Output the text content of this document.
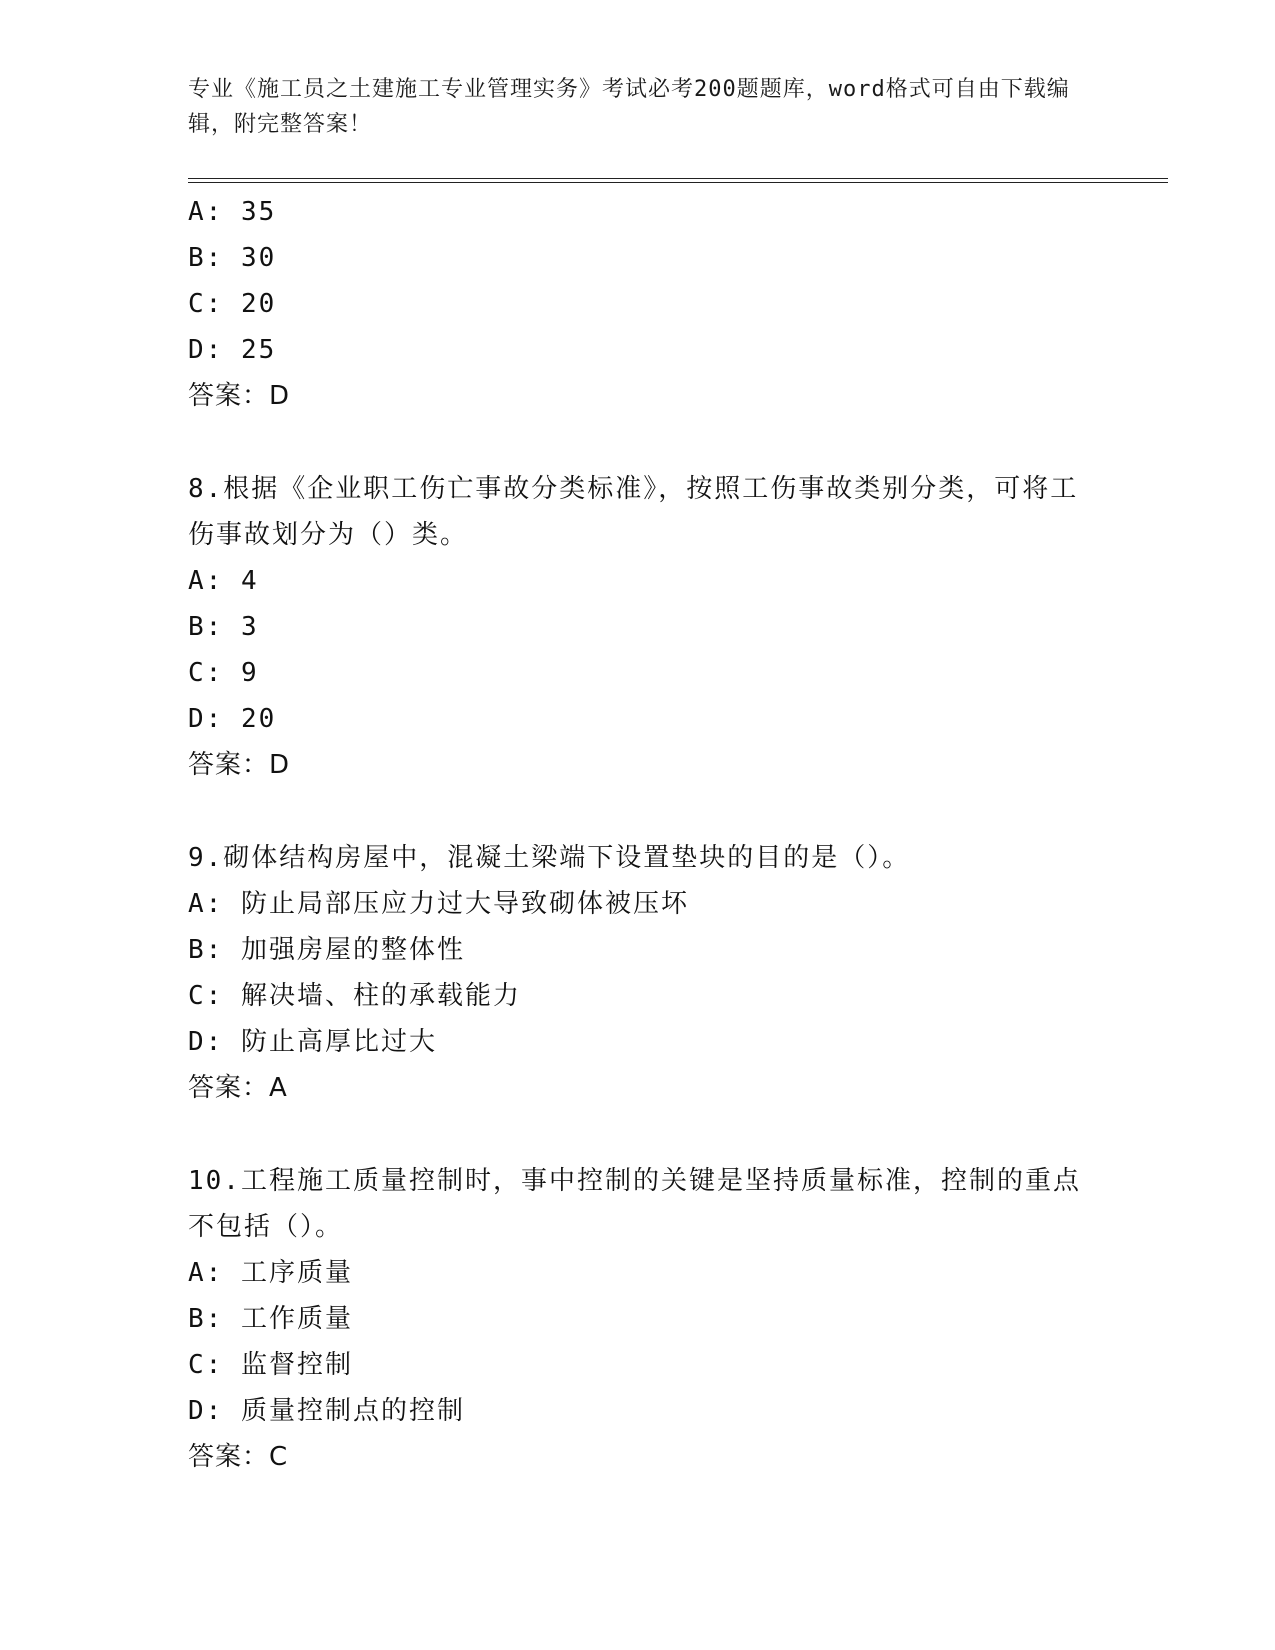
专业《施工员之土建施工专业管理实务》考试必考200题题库，word格式可自由下载编辑，附完整答案！
A: 35
B: 30
C: 20
D: 25
答案：D
8.根据《企业职工伤亡事故分类标准》，按照工伤事故类别分类，可将工伤事故划分为（）类。
A: 4
B: 3
C: 9
D: 20
答案：D
9.砌体结构房屋中，混凝土梁端下设置垫块的目的是（）。
A: 防止局部压应力过大导致砌体被压坏
B: 加强房屋的整体性
C: 解决墙、柱的承载能力
D: 防止高厚比过大
答案：A
10.工程施工质量控制时，事中控制的关键是坚持质量标准，控制的重点不包括（）。
A: 工序质量
B: 工作质量
C: 监督控制
D: 质量控制点的控制
答案：C
